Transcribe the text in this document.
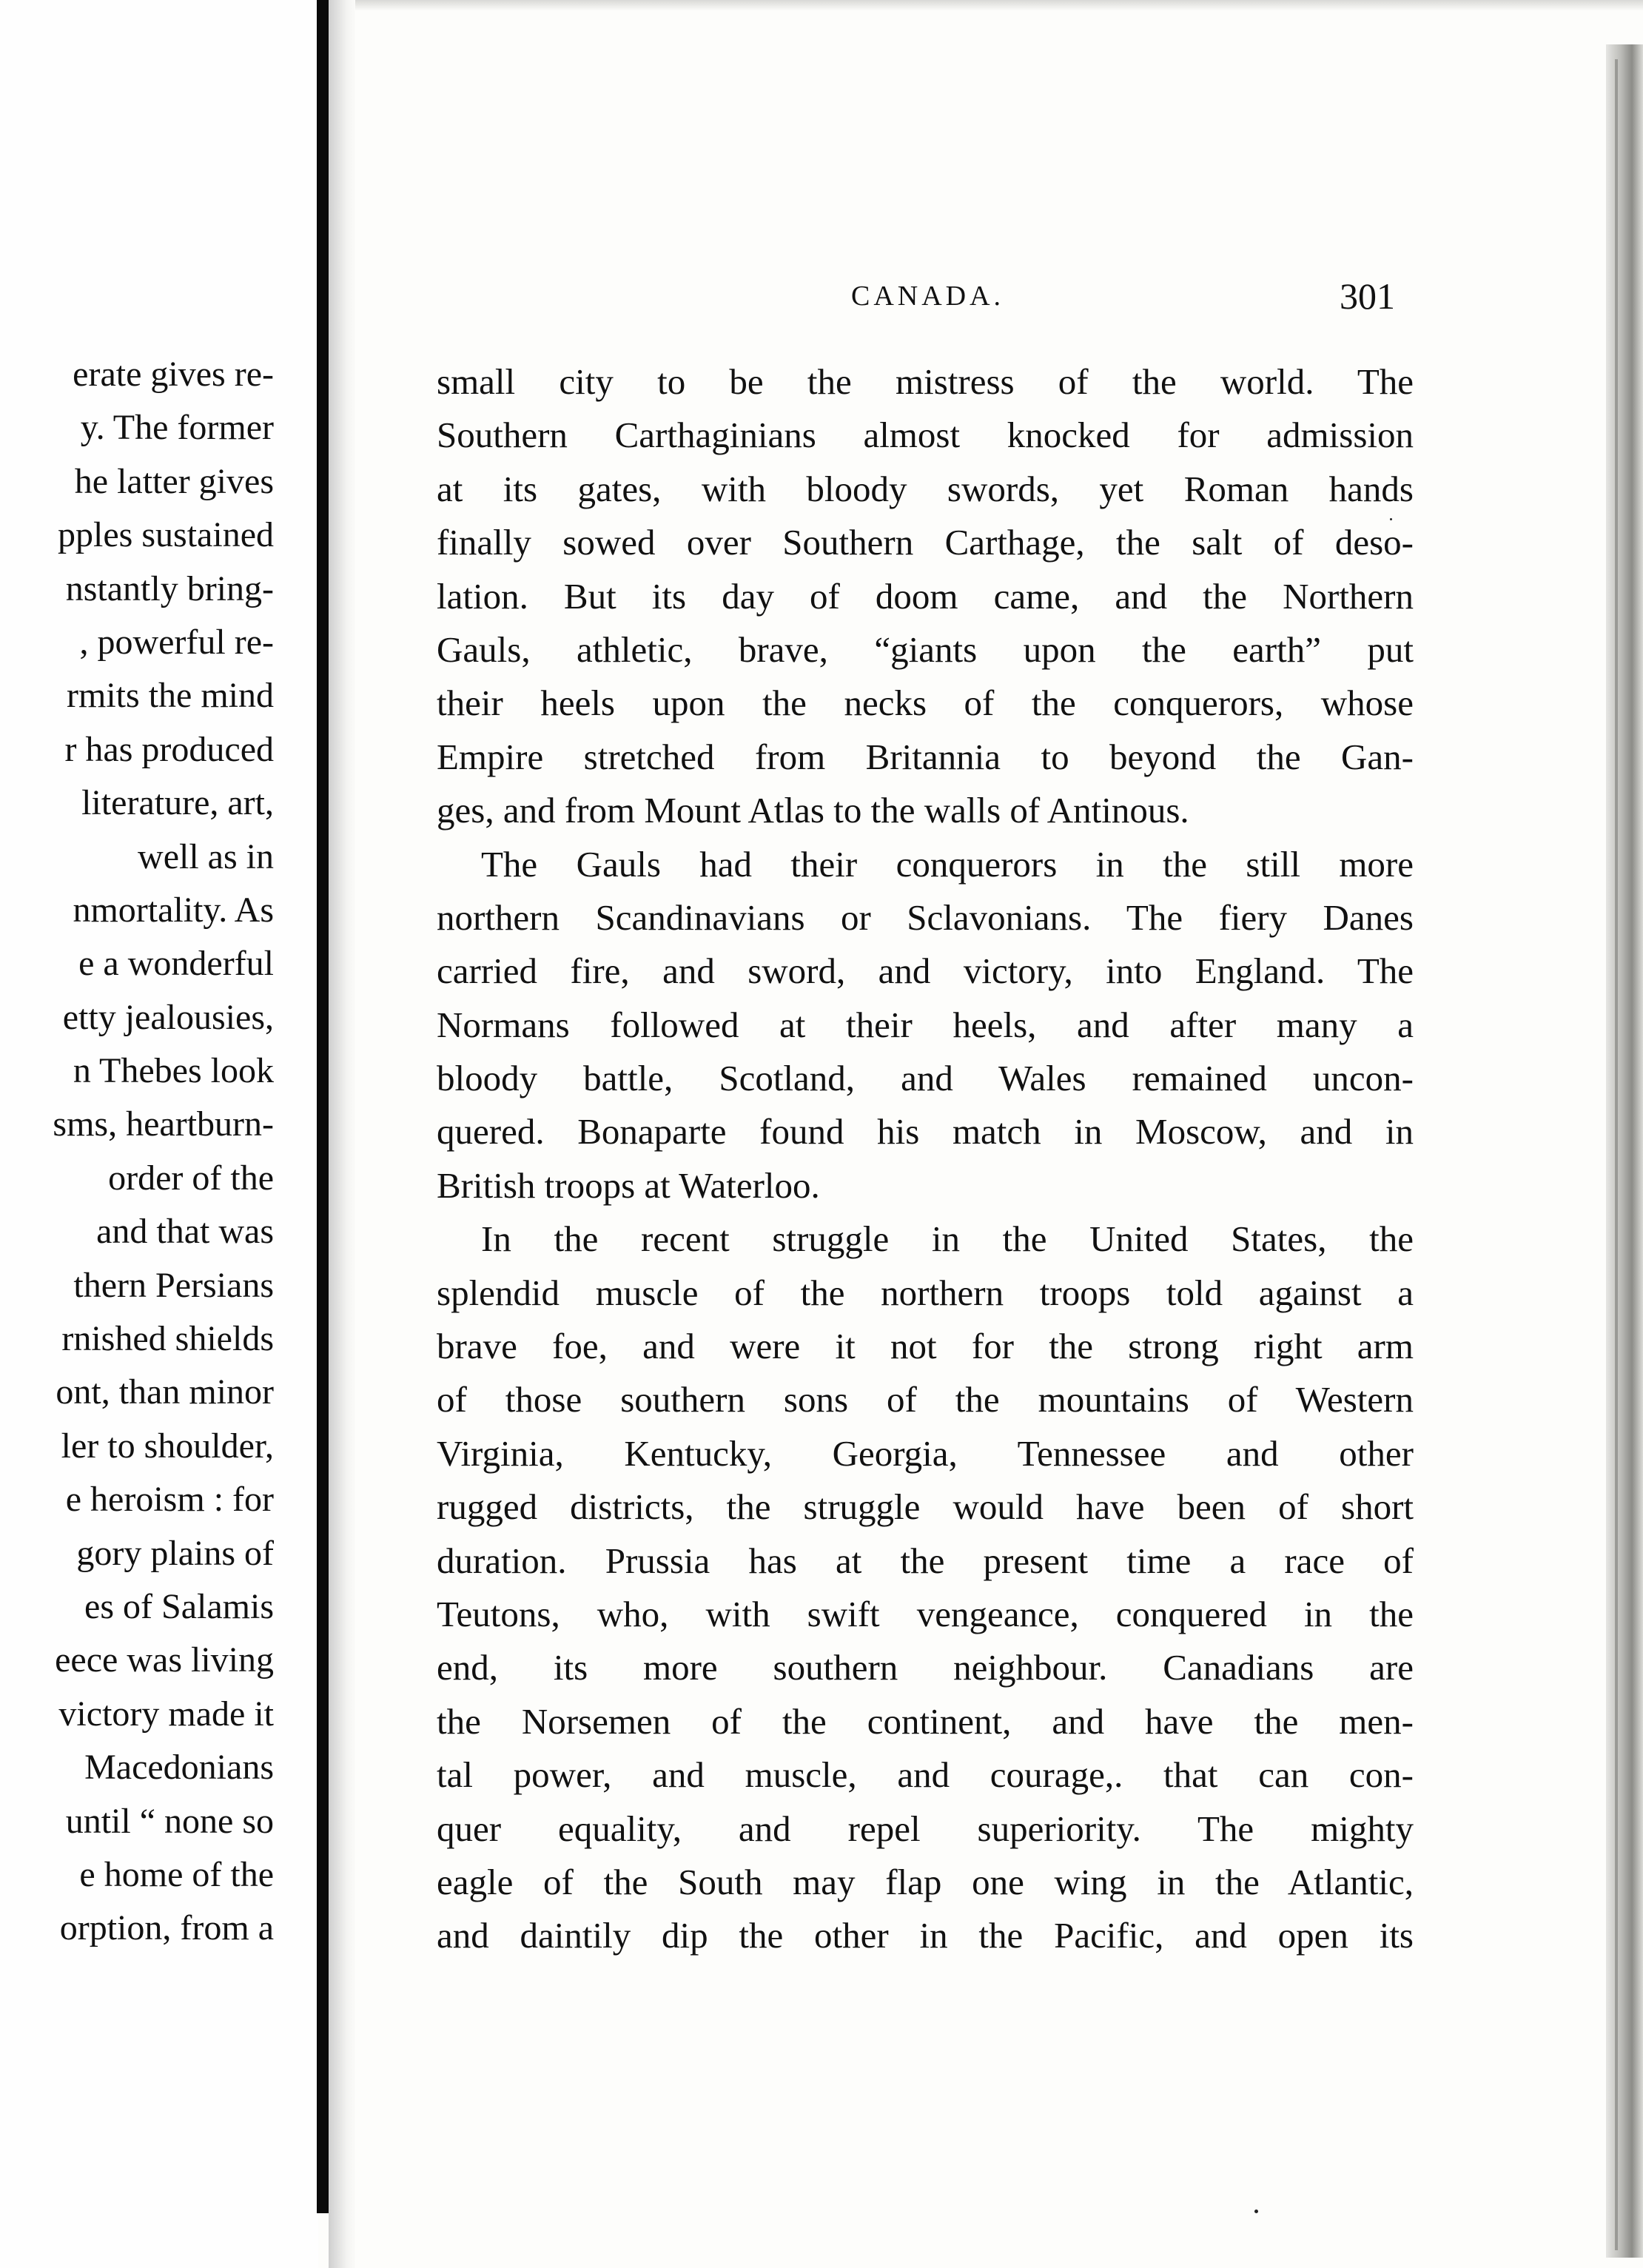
erate gives re-
y. The former
he latter gives
pples sustained
nstantly bring-
, powerful re-
rmits the mind
r has produced
literature, art,
well as in
nmortality. As
e a wonderful
etty jealousies,
n Thebes look
sms, heartburn-
order of the
and that was
thern Persians
rnished shields
ont, than minor
ler to shoulder,
e heroism : for
gory plains of
es of Salamis
eece was living
victory made it
Macedonians
until “ none so
e home of the
orption, from a
CANADA.	301
small city to be the mistress of the world. The
Southern Carthaginians almost knocked for admission
at its gates, with bloody swords, yet Roman hands
finally sowed over Southern Carthage, the salt of deso-
lation. But its day of doom came, and the Northern
Gauls, athletic, brave, “giants upon the earth” put
their heels upon the necks of the conquerors, whose
Empire stretched from Britannia to beyond the Gan-
ges, and from Mount Atlas to the walls of Antinous.
The Gauls had their conquerors in the still more
northern Scandinavians or Sclavonians. The fiery Danes
carried fire, and sword, and victory, into England. The
Normans followed at their heels, and after many a
bloody battle, Scotland, and Wales remained uncon-
quered. Bonaparte found his match in Moscow, and in
British troops at Waterloo.
In the recent struggle in the United States, the
splendid muscle of the northern troops told against a
brave foe, and were it not for the strong right arm
of those southern sons of the mountains of Western
Virginia, Kentucky, Georgia, Tennessee and other
rugged districts, the struggle would have been of short
duration. Prussia has at the present time a race of
Teutons, who, with swift vengeance, conquered in the
end, its more southern neighbour. Canadians are
the Norsemen of the continent, and have the men-
tal power, and muscle, and courage,. that can con-
quer equality, and repel superiority. The mighty
eagle of the South may flap one wing in the Atlantic,
and daintily dip the other in the Pacific, and open its
